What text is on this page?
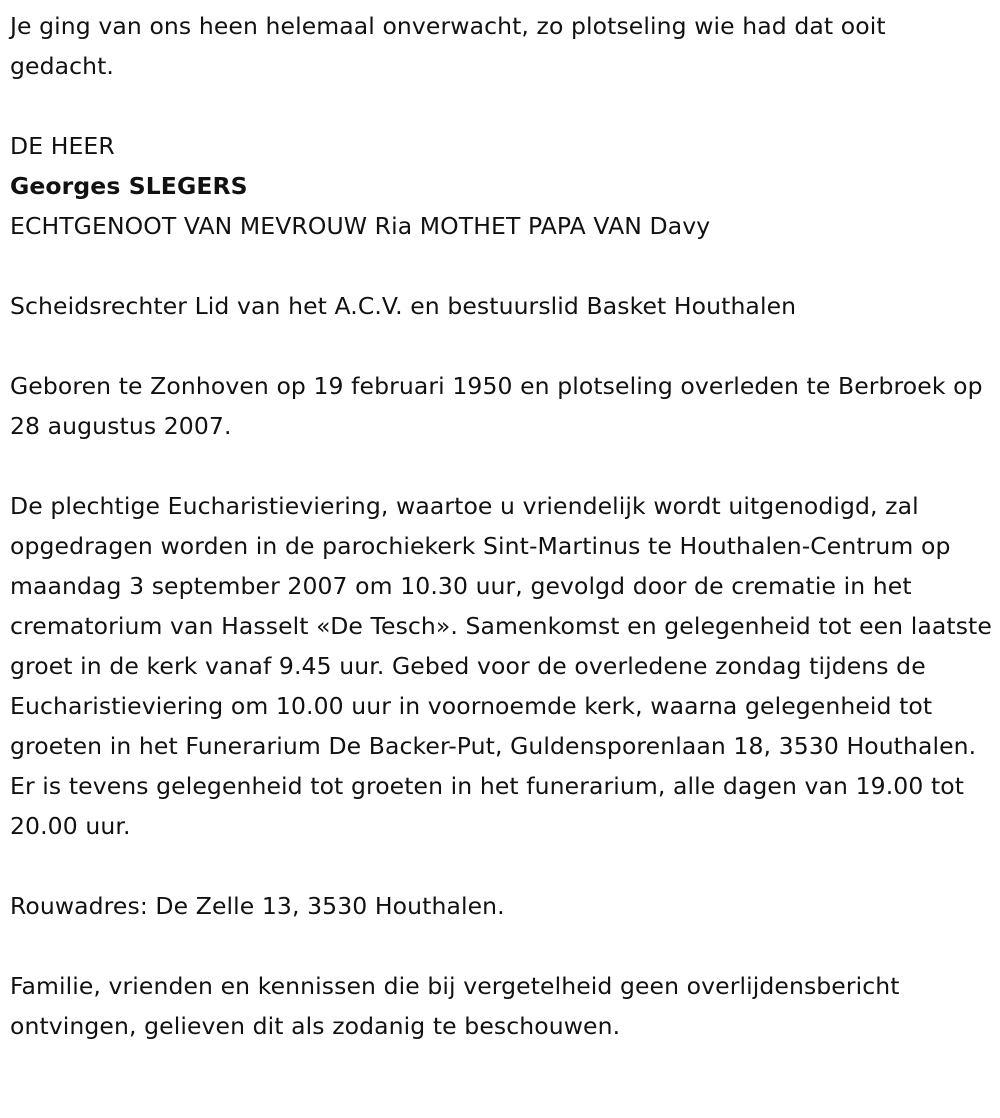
Je ging van ons heen helemaal onverwacht, zo plotseling wie had dat ooit gedacht.

DE HEER
Georges SLEGERS

ECHTGENOOT VAN MEVROUW Ria MOTHET PAPA VAN Davy

Scheidsrechter Lid van het A.C.V. en bestuurslid Basket Houthalen

Geboren te Zonhoven op 19 februari 1950 en plotseling overleden te Berbroek op 28 augustus 2007.

De plechtige Eucharistieviering, waartoe u vriendelijk wordt uitgenodigd, zal opgedragen worden in de parochiekerk Sint-Martinus te Houthalen-Centrum op maandag 3 september 2007 om 10.30 uur, gevolgd door de crematie in het crematorium van Hasselt «De Tesch». Samenkomst en gelegenheid tot een laatste groet in de kerk vanaf 9.45 uur. Gebed voor de overledene zondag tijdens de Eucharistieviering om 10.00 uur in voornoemde kerk, waarna gelegenheid tot groeten in het Funerarium De Backer-Put, Guldensporenlaan 18, 3530 Houthalen. Er is tevens gelegenheid tot groeten in het funerarium, alle dagen van 19.00 tot 20.00 uur.

Rouwadres: De Zelle 13, 3530 Houthalen.

Familie, vrienden en kennissen die bij vergetelheid geen overlijdensbericht ontvingen, gelieven dit als zodanig te beschouwen.
